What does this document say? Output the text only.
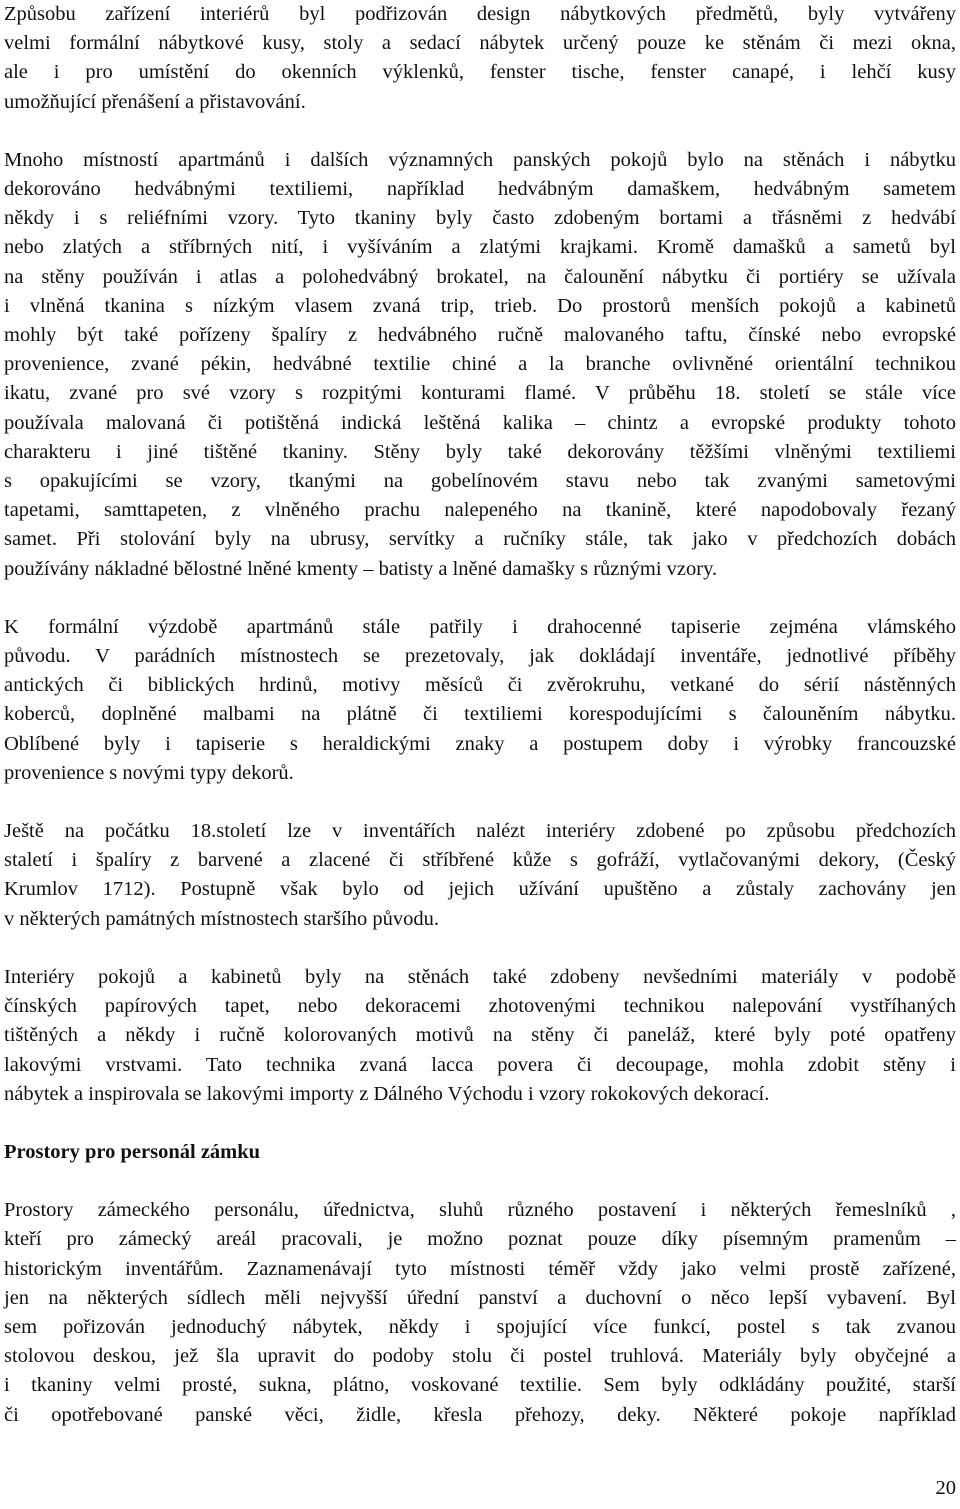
Způsobu zařízení interiérů byl podřizován design nábytkových předmětů, byly vytvářeny
velmi formální nábytkové kusy, stoly a sedací nábytek určený pouze ke stěnám či mezi okna,
ale i pro umístění do okenních výklenků, fenster tische, fenster canapé, i lehčí kusy
umožňující přenášení a přistavování.

Mnoho místností apartmánů i dalších významných panských pokojů bylo na stěnách i nábytku
dekorováno hedvábnými textiliemi, například hedvábným damaškem, hedvábným sametem
někdy i s reliéfními vzory. Tyto tkaniny byly často zdobeným bortami a třásněmi z hedvábí
nebo zlatých a stříbrných nití, i vyšíváním a zlatými krajkami. Kromě damašků a sametů byl
na stěny používán i atlas a polohedvábný brokatel, na čalounění nábytku či portiéry se užívala
i vlněná tkanina s nízkým vlasem zvaná trip, trieb. Do prostorů menších pokojů a kabinetů
mohly být také pořízeny špalíry z hedvábného ručně malovaného taftu, čínské nebo evropské
provenience, zvané pékin, hedvábné textilie chiné a la branche ovlivněné orientální technikou
ikatu, zvané pro své vzory s rozpitými konturami flamé. V průběhu 18. století se stále více
používala malovaná či potištěná indická leštěná kalika – chintz a evropské produkty tohoto
charakteru i jiné tištěné tkaniny. Stěny byly také dekorovány těžšími vlněnými textiliemi
s opakujícími se vzory, tkanými na gobelínovém stavu nebo tak zvanými sametovými
tapetami, samttapeten, z vlněného prachu nalepeného na tkanině, které napodobovaly řezaný
samet. Při stolování byly na ubrusy, servítky a ručníky stále, tak jako v předchozích dobách
používány nákladné bělostné lněné kmenty – batisty a lněné damašky s různými vzory.

K formální výzdobě apartmánů stále patřily i drahocenné tapiserie zejména vlámského
původu. V parádních místnostech se prezetovaly, jak dokládají inventáře, jednotlivé příběhy
antických či biblických hrdinů, motivy měsíců či zvěrokruhu, vetkané do sérií nástěnných
koberců, doplněné malbami na plátně či textiliemi korespodujícími s čalouněním nábytku.
Oblíbené byly i tapiserie s heraldickými znaky a postupem doby i výrobky francouzské
provenience s novými typy dekorů.

Ještě na počátku 18.století lze v inventářích nalézt interiéry zdobené po způsobu předchozích
staletí i špalíry z barvené a zlacené či stříbřené kůže s gofráží, vytlačovanými dekory, (Český
Krumlov 1712). Postupně však bylo od jejich užívání upuštěno a zůstaly zachovány jen
v některých památných místnostech staršího původu.

Interiéry pokojů a kabinetů byly na stěnách také zdobeny nevšedními materiály v podobě
čínských papírových tapet, nebo dekoracemi zhotovenými technikou nalepování vystříhaných
tištěných a někdy i ručně kolorovaných motivů na stěny či paneláž, které byly poté opatřeny
lakovými vrstvami. Tato technika zvaná lacca povera či decoupage, mohla zdobit stěny i
nábytek a inspirovala se lakovými importy z Dálného Východu i vzory rokokových dekorací.

Prostory pro personál zámku

Prostory zámeckého personálu, úřednictva, sluhů různého postavení i některých řemeslníků ,
kteří pro zámecký areál pracovali, je možno poznat pouze díky písemným pramenům –
historickým inventářům. Zaznamenávají tyto místnosti téměř vždy jako velmi prostě zařízené,
jen na některých sídlech měli nejvyšší úřední panství a duchovní o něco lepší vybavení. Byl
sem pořizován jednoduchý nábytek, někdy i spojující více funkcí, postel s tak zvanou
stolovou deskou, jež šla upravit do podoby stolu či postel truhlová. Materiály byly obyčejné a
i tkaniny velmi prosté, sukna, plátno, voskované textilie. Sem byly odkládány použité, starší
či opotřebované panské věci, židle, křesla přehozy, deky. Některé pokoje například

20
